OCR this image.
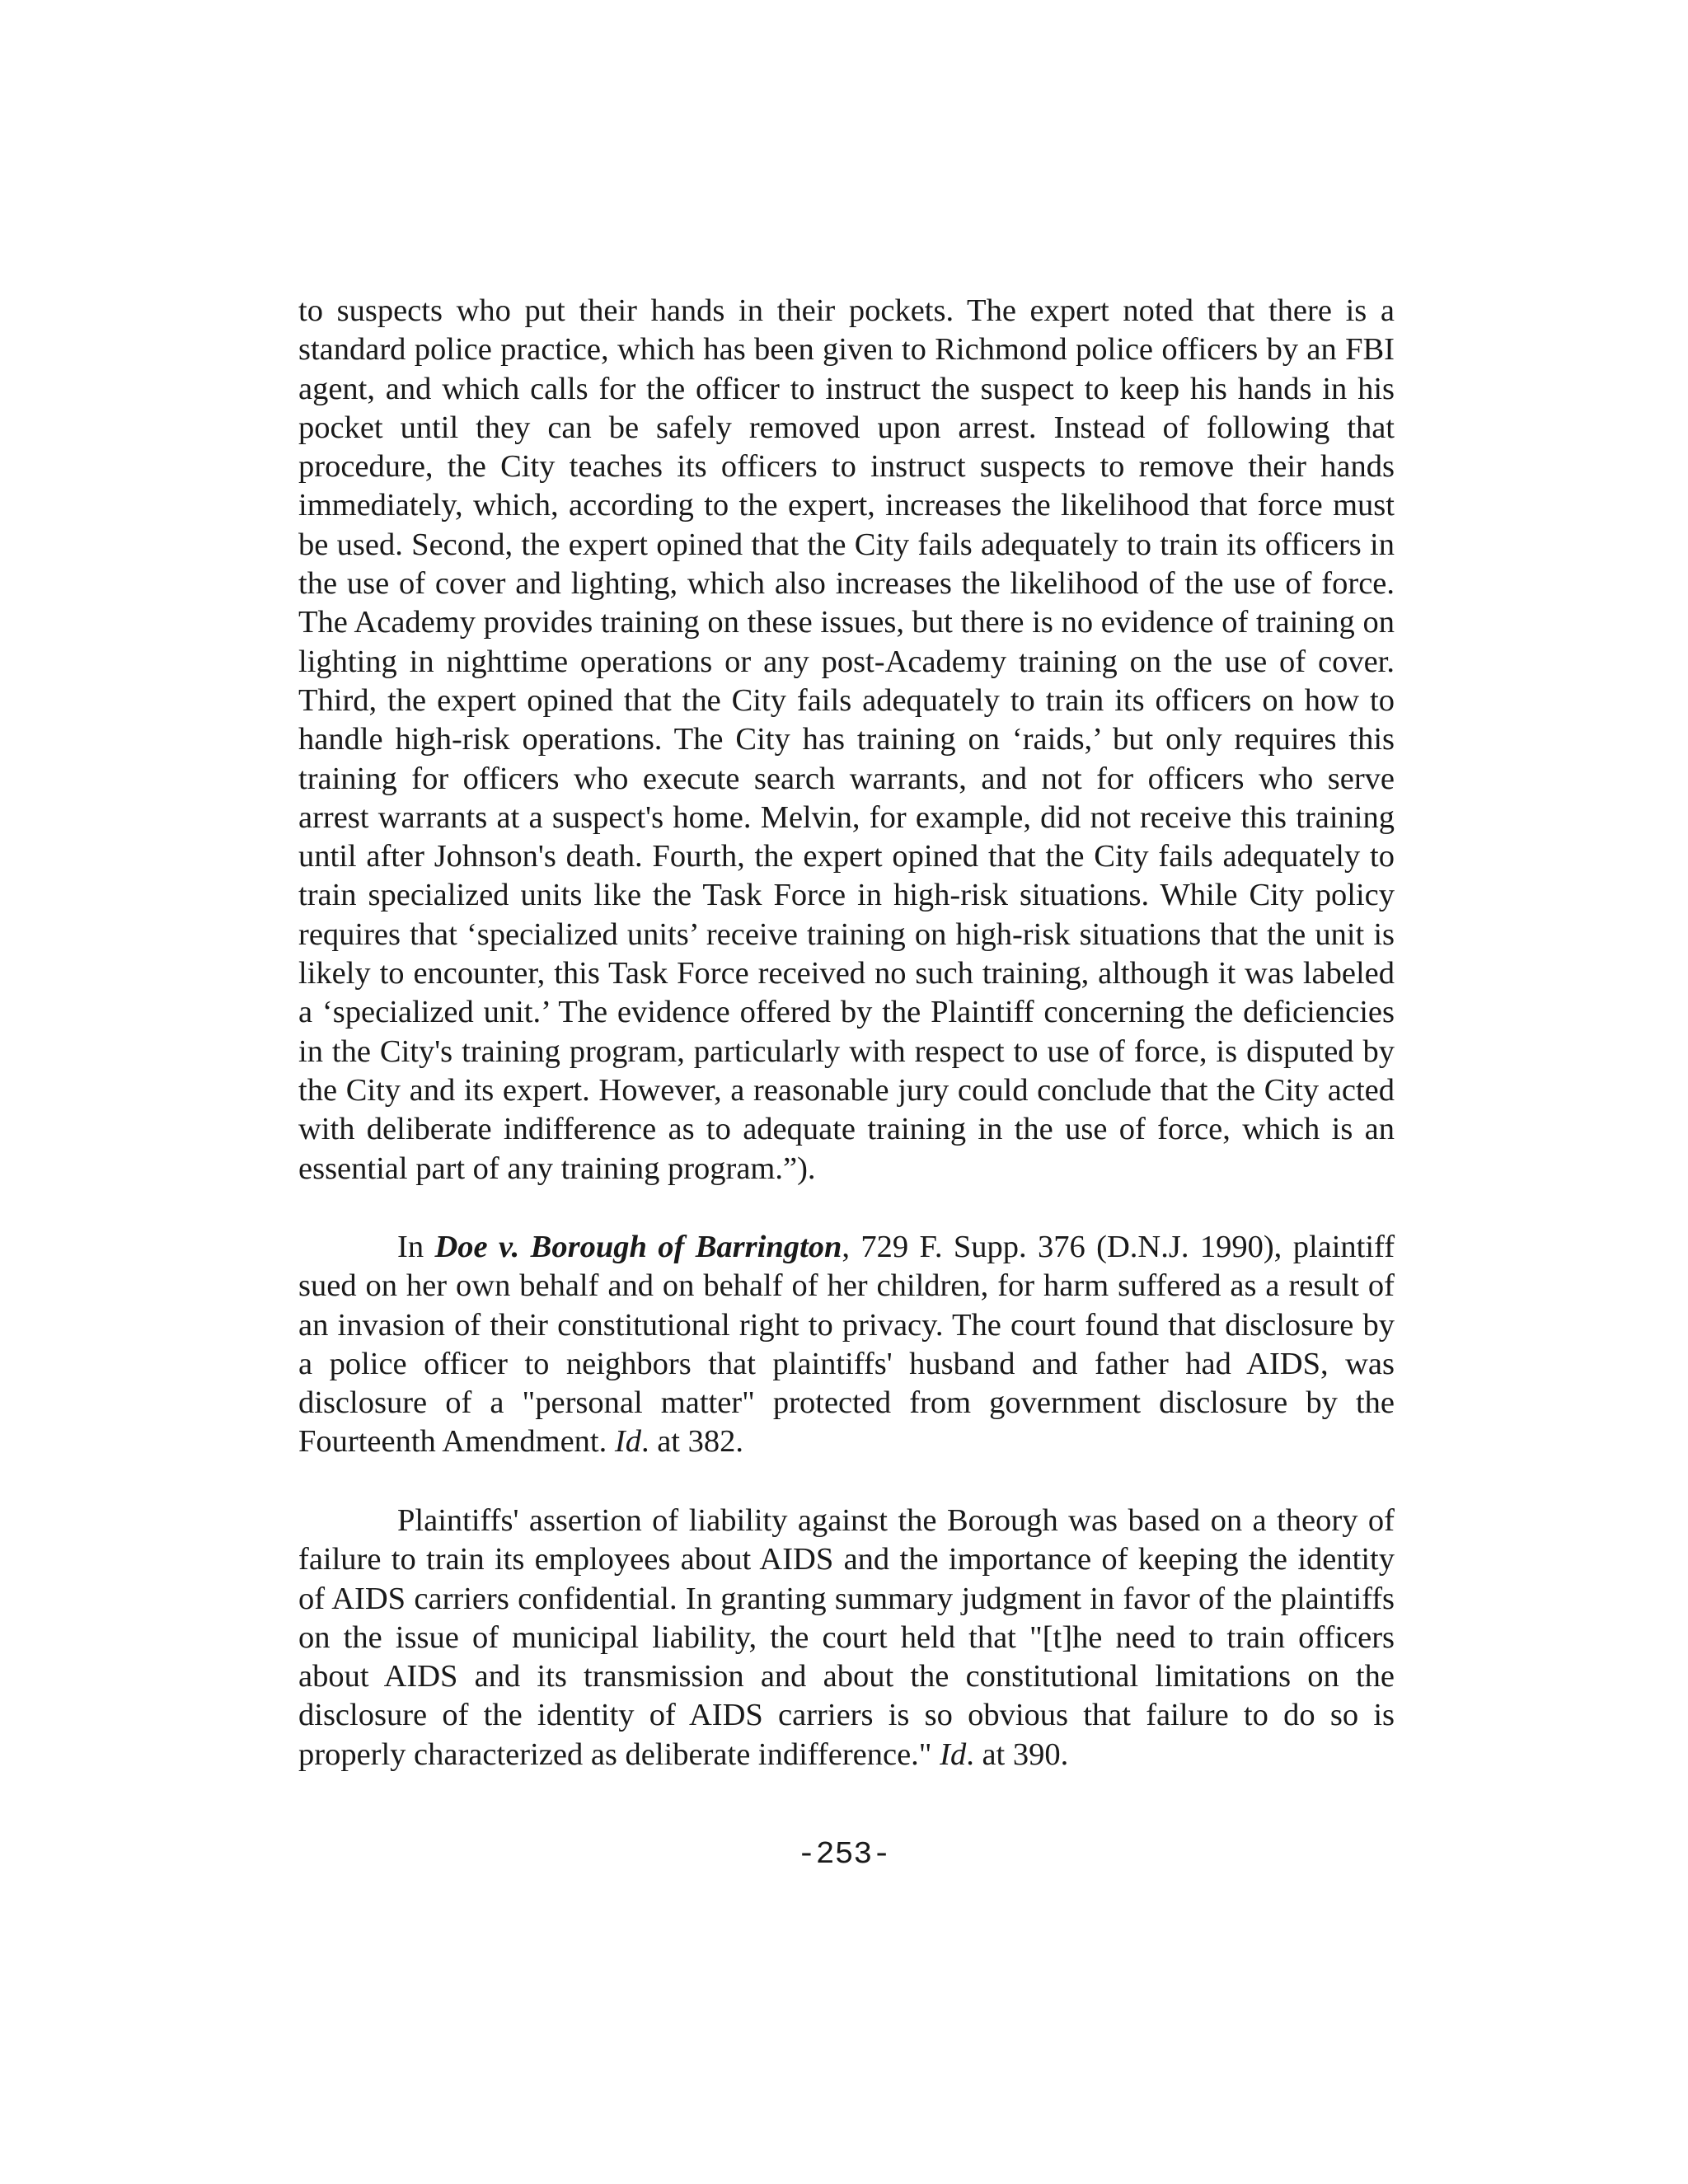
to suspects who put their hands in their pockets. The expert noted that there is a standard police practice, which has been given to Richmond police officers by an FBI agent, and which calls for the officer to instruct the suspect to keep his hands in his pocket until they can be safely removed upon arrest. Instead of following that procedure, the City teaches its officers to instruct suspects to remove their hands immediately, which, according to the expert, increases the likelihood that force must be used. Second, the expert opined that the City fails adequately to train its officers in the use of cover and lighting, which also increases the likelihood of the use of force. The Academy provides training on these issues, but there is no evidence of training on lighting in nighttime operations or any post-Academy training on the use of cover. Third, the expert opined that the City fails adequately to train its officers on how to handle high-risk operations. The City has training on ‘raids,’ but only requires this training for officers who execute search warrants, and not for officers who serve arrest warrants at a suspect's home. Melvin, for example, did not receive this training until after Johnson's death. Fourth, the expert opined that the City fails adequately to train specialized units like the Task Force in high-risk situations. While City policy requires that ‘specialized units’ receive training on high-risk situations that the unit is likely to encounter, this Task Force received no such training, although it was labeled a ‘specialized unit.’ The evidence offered by the Plaintiff concerning the deficiencies in the City's training program, particularly with respect to use of force, is disputed by the City and its expert. However, a reasonable jury could conclude that the City acted with deliberate indifference as to adequate training in the use of force, which is an essential part of any training program.”).

In Doe v. Borough of Barrington, 729 F. Supp. 376 (D.N.J. 1990), plaintiff sued on her own behalf and on behalf of her children, for harm suffered as a result of an invasion of their constitutional right to privacy. The court found that disclosure by a police officer to neighbors that plaintiffs' husband and father had AIDS, was disclosure of a "personal matter" protected from government disclosure by the Fourteenth Amendment. Id. at 382.

Plaintiffs' assertion of liability against the Borough was based on a theory of failure to train its employees about AIDS and the importance of keeping the identity of AIDS carriers confidential. In granting summary judgment in favor of the plaintiffs on the issue of municipal liability, the court held that "[t]he need to train officers about AIDS and its transmission and about the constitutional limitations on the disclosure of the identity of AIDS carriers is so obvious that failure to do so is properly characterized as deliberate indifference." Id. at 390.

-253-
